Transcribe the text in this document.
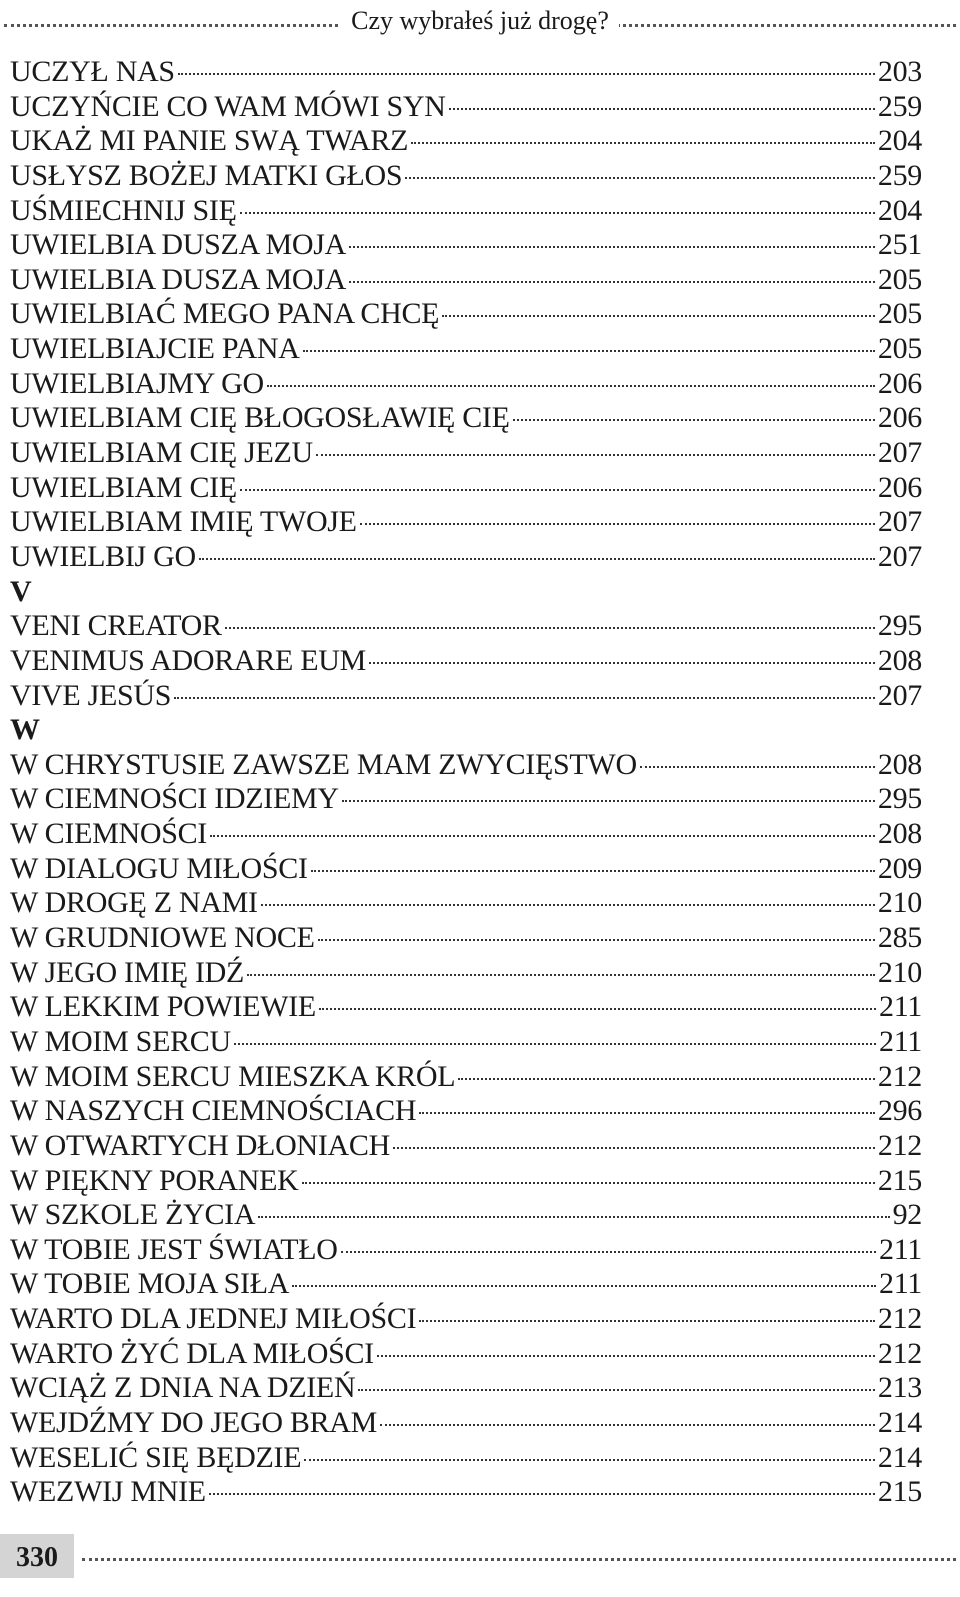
Czy wybrałeś już drogę?
UCZYŁ NAS	203
UCZYŃCIE CO WAM MÓWI SYN	259
UKAŻ MI PANIE SWĄ TWARZ	204
USŁYSZ BOŻEJ MATKI GŁOS	259
UŚMIECHNIJ SIĘ	204
UWIELBIA DUSZA MOJA	251
UWIELBIA DUSZA MOJA	205
UWIELBIAĆ MEGO PANA CHCĘ	205
UWIELBIAJCIE PANA	205
UWIELBIAJMY GO	206
UWIELBIAM CIĘ BŁOGOSŁAWIĘ CIĘ	206
UWIELBIAM CIĘ JEZU	207
UWIELBIAM CIĘ	206
UWIELBIAM IMIĘ TWOJE	207
UWIELBIJ GO	207
V
VENI CREATOR	295
VENIMUS ADORARE EUM	208
VIVE JESÚS	207
W
W CHRYSTUSIE ZAWSZE MAM ZWYCIĘSTWO	208
W CIEMNOŚCI IDZIEMY	295
W CIEMNOŚCI	208
W DIALOGU MIŁOŚCI	209
W DROGĘ Z NAMI	210
W GRUDNIOWE NOCE	285
W JEGO IMIĘ IDŹ	210
W LEKKIM POWIEWIE	211
W MOIM SERCU	211
W MOIM SERCU MIESZKA KRÓL	212
W NASZYCH CIEMNOŚCIACH	296
W OTWARTYCH DŁONIACH	212
W PIĘKNY PORANEK	215
W SZKOLE ŻYCIA	92
W TOBIE JEST ŚWIATŁO	211
W TOBIE MOJA SIŁA	211
WARTO DLA JEDNEJ MIŁOŚCI	212
WARTO ŻYĆ DLA MIŁOŚCI	212
WCIĄŻ Z DNIA NA DZIEŃ	213
WEJDŹMY DO JEGO BRAM	214
WESELIĆ SIĘ BĘDZIE	214
WEZWIJ MNIE	215
330
